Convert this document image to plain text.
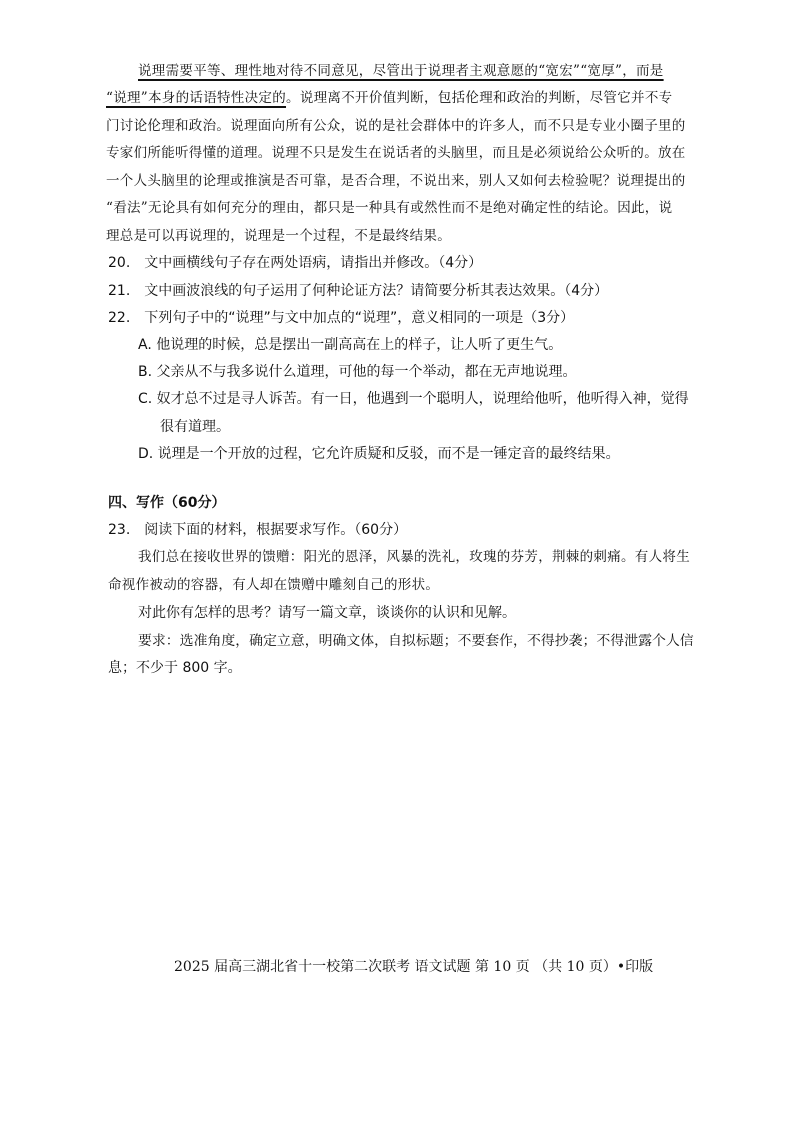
说理需要平等、理性地对待不同意见，尽管出于说理者主观意愿的“宽宏”“宽厚”，而是
“说理”本身的话语特性决定的。说理离不开价值判断，包括伦理和政治的判断，尽管它并不专
门讨论伦理和政治。说理面向所有公众，说的是社会群体中的许多人，而不只是专业小圈子里的
专家们所能听得懂的道理。说理不只是发生在说话者的头脑里，而且是必须说给公众听的。放在
一个人头脑里的论理或推演是否可靠，是否合理，不说出来，别人又如何去检验呢？说理提出的
“看法”无论具有如何充分的理由，都只是一种具有或然性而不是绝对确定性的结论。因此，说
理总是可以再说理的，说理是一个过程，不是最终结果。
20.　文中画横线句子存在两处语病，请指出并修改。（4分）
21.　文中画波浪线的句子运用了何种论证方法？请简要分析其表达效果。（4分）
22.　下列句子中的“说理”与文中加点的“说理”，意义相同的一项是（3分）
A. 他说理的时候，总是摆出一副高高在上的样子，让人听了更生气。
B. 父亲从不与我多说什么道理，可他的每一个举动，都在无声地说理。
C. 奴才总不过是寻人诉苦。有一日，他遇到一个聪明人，说理给他听，他听得入神，觉得
很有道理。
D. 说理是一个开放的过程，它允许质疑和反驳，而不是一锤定音的最终结果。
四、写作（60分）
23.　阅读下面的材料，根据要求写作。（60分）
我们总在接收世界的馈赠：阳光的恩泽，风暴的洗礼，玫瑰的芬芳，荆棘的刺痛。有人将生
命视作被动的容器，有人却在馈赠中雕刻自己的形状。
对此你有怎样的思考？请写一篇文章，谈谈你的认识和见解。
要求：选准角度，确定立意，明确文体，自拟标题；不要套作，不得抄袭；不得泄露个人信
息；不少于 800 字。
2025 届高三湖北省十一校第二次联考 语文试题 第 10 页 （共 10 页）•印版
